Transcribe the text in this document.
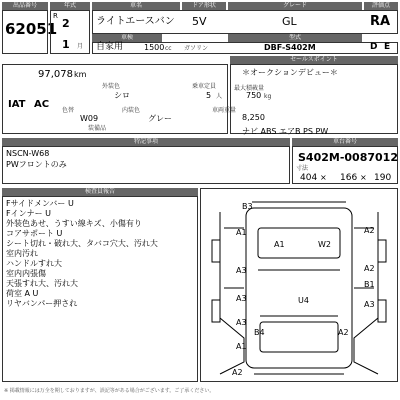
出品番号	年式	車名	ドア形状	グレード	評価点
62051
R
2
1 月
ライトエースバン 5V	GL	RA
車検	型式
自家用	1500 cc ガソリン	DBF-S402M	D E
セールスポイント
走行	修復歴
97,078 km
IAT AC
外装色
シロ
乗車定員
5 人
最大積載量
750 kg
＊オークションデビュー＊
色替
W09
内装色
グレー
車両重量
8,250
装備品	ナビ ABS エアB PS PW
特記事項	車台番号
NSCN-W68
PWフロントのみ
S402M-0087012
寸法
404 × 166 × 190
検査員報告
Fサイドメンバー U
Fインナー U
外装色あせ、うすい線キズ、小傷有り
コアサポート U
シート切れ・破れ大、タバコ穴大、汚れ大
室内汚れ
ハンドルすれ大
室内内張傷
天張すれ大、汚れ大
荷室 A U
リヤバンパー押され
B3
A1
A1	W2
A2
A3	A2
B1
A3	U4	A3
A3
A1
B4	A2
A2
※ 掲載情報には万全を期しておりますが、誤記等がある場合がございます。ご了承ください。
